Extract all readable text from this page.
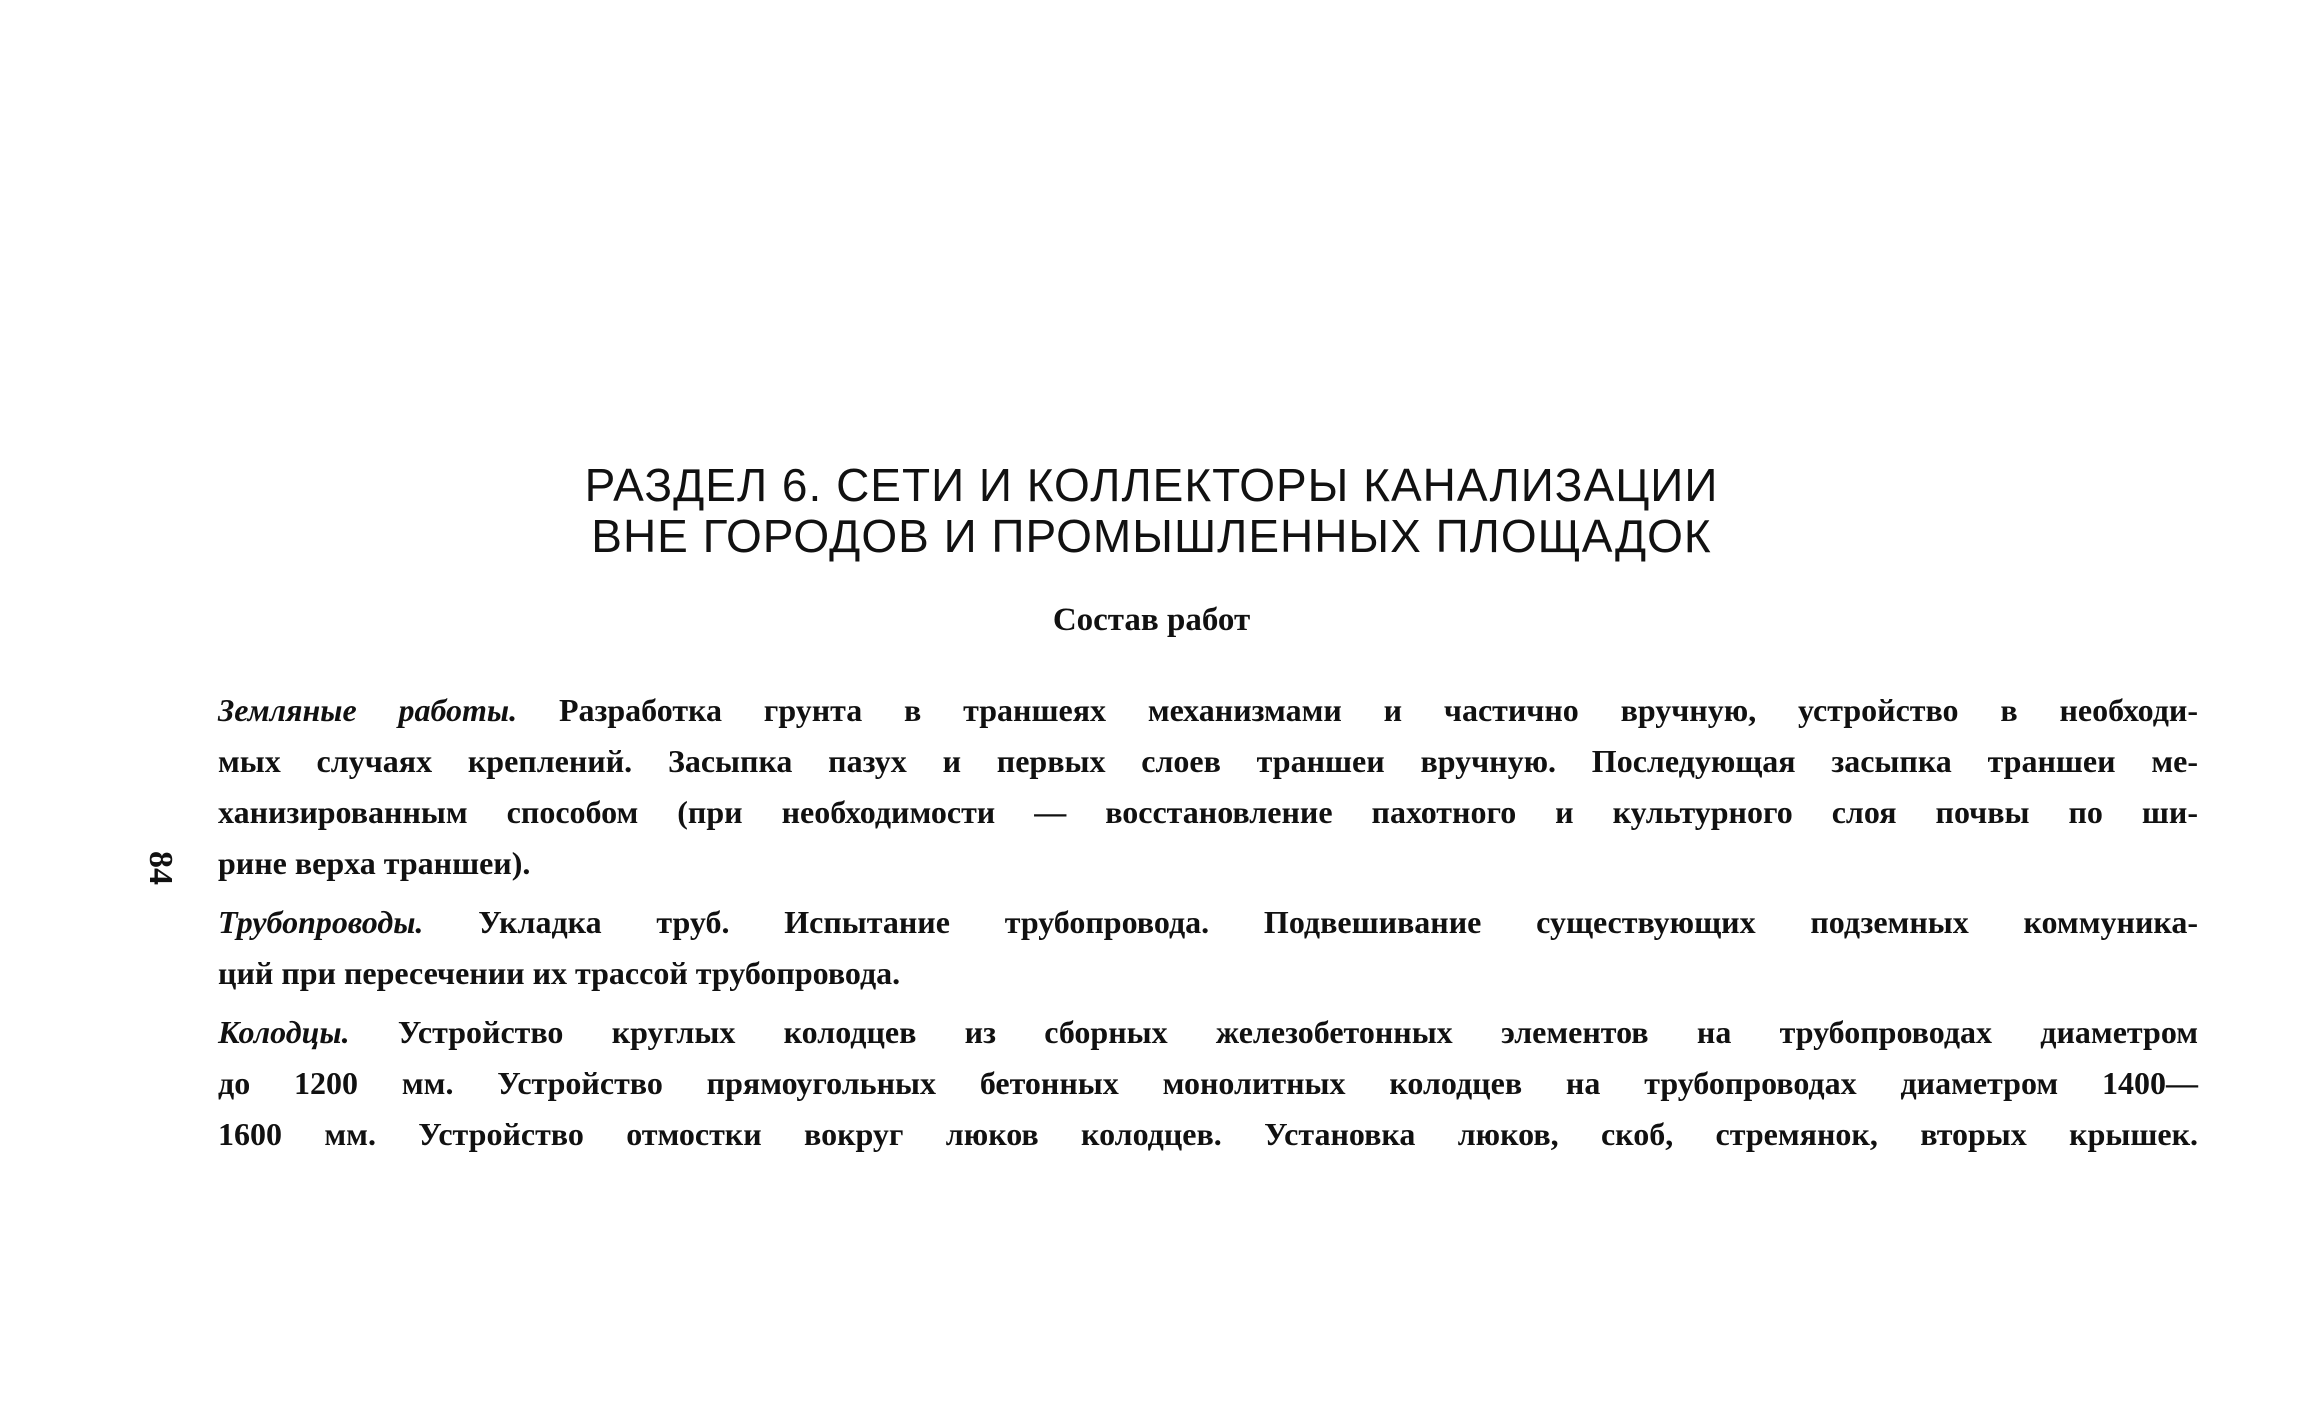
РАЗДЕЛ 6. СЕТИ И КОЛЛЕКТОРЫ КАНАЛИЗАЦИИ
ВНЕ ГОРОДОВ И ПРОМЫШЛЕННЫХ ПЛОЩАДОК
Состав работ
84
Земляные работы. Разработка грунта в траншеях механизмами и частично вручную, устройство в необходи-
мых случаях креплений. Засыпка пазух и первых слоев траншеи вручную. Последующая засыпка траншеи ме-
ханизированным способом (при необходимости — восстановление пахотного и культурного слоя почвы по ши-
рине верха траншеи).
Трубопроводы. Укладка труб. Испытание трубопровода. Подвешивание существующих подземных коммуника-
ций при пересечении их трассой трубопровода.
Колодцы. Устройство круглых колодцев из сборных железобетонных элементов на трубопроводах диаметром
до 1200 мм. Устройство прямоугольных бетонных монолитных колодцев на трубопроводах диаметром 1400—
1600 мм. Устройство отмостки вокруг люков колодцев. Установка люков, скоб, стремянок, вторых крышек.
